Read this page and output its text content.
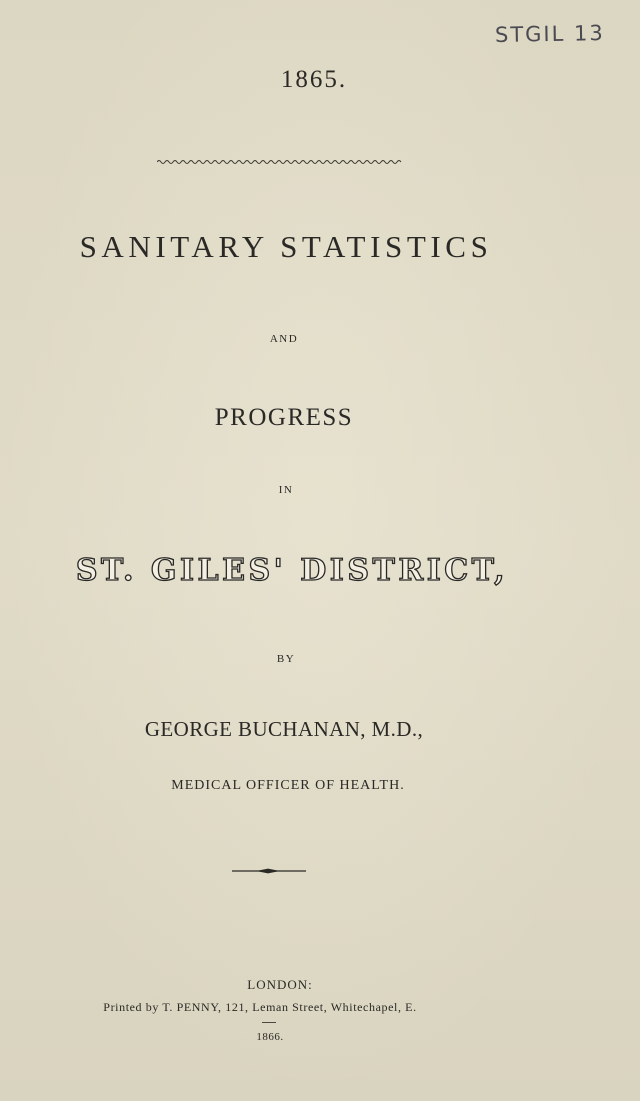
STGIL 13
1865.
SANITARY STATISTICS
AND
PROGRESS
IN
ST. GILES' DISTRICT,
BY
GEORGE BUCHANAN, M.D.,
MEDICAL OFFICER OF HEALTH.
LONDON:
Printed by T. PENNY, 121, Leman Street, Whitechapel, E.
1866.
